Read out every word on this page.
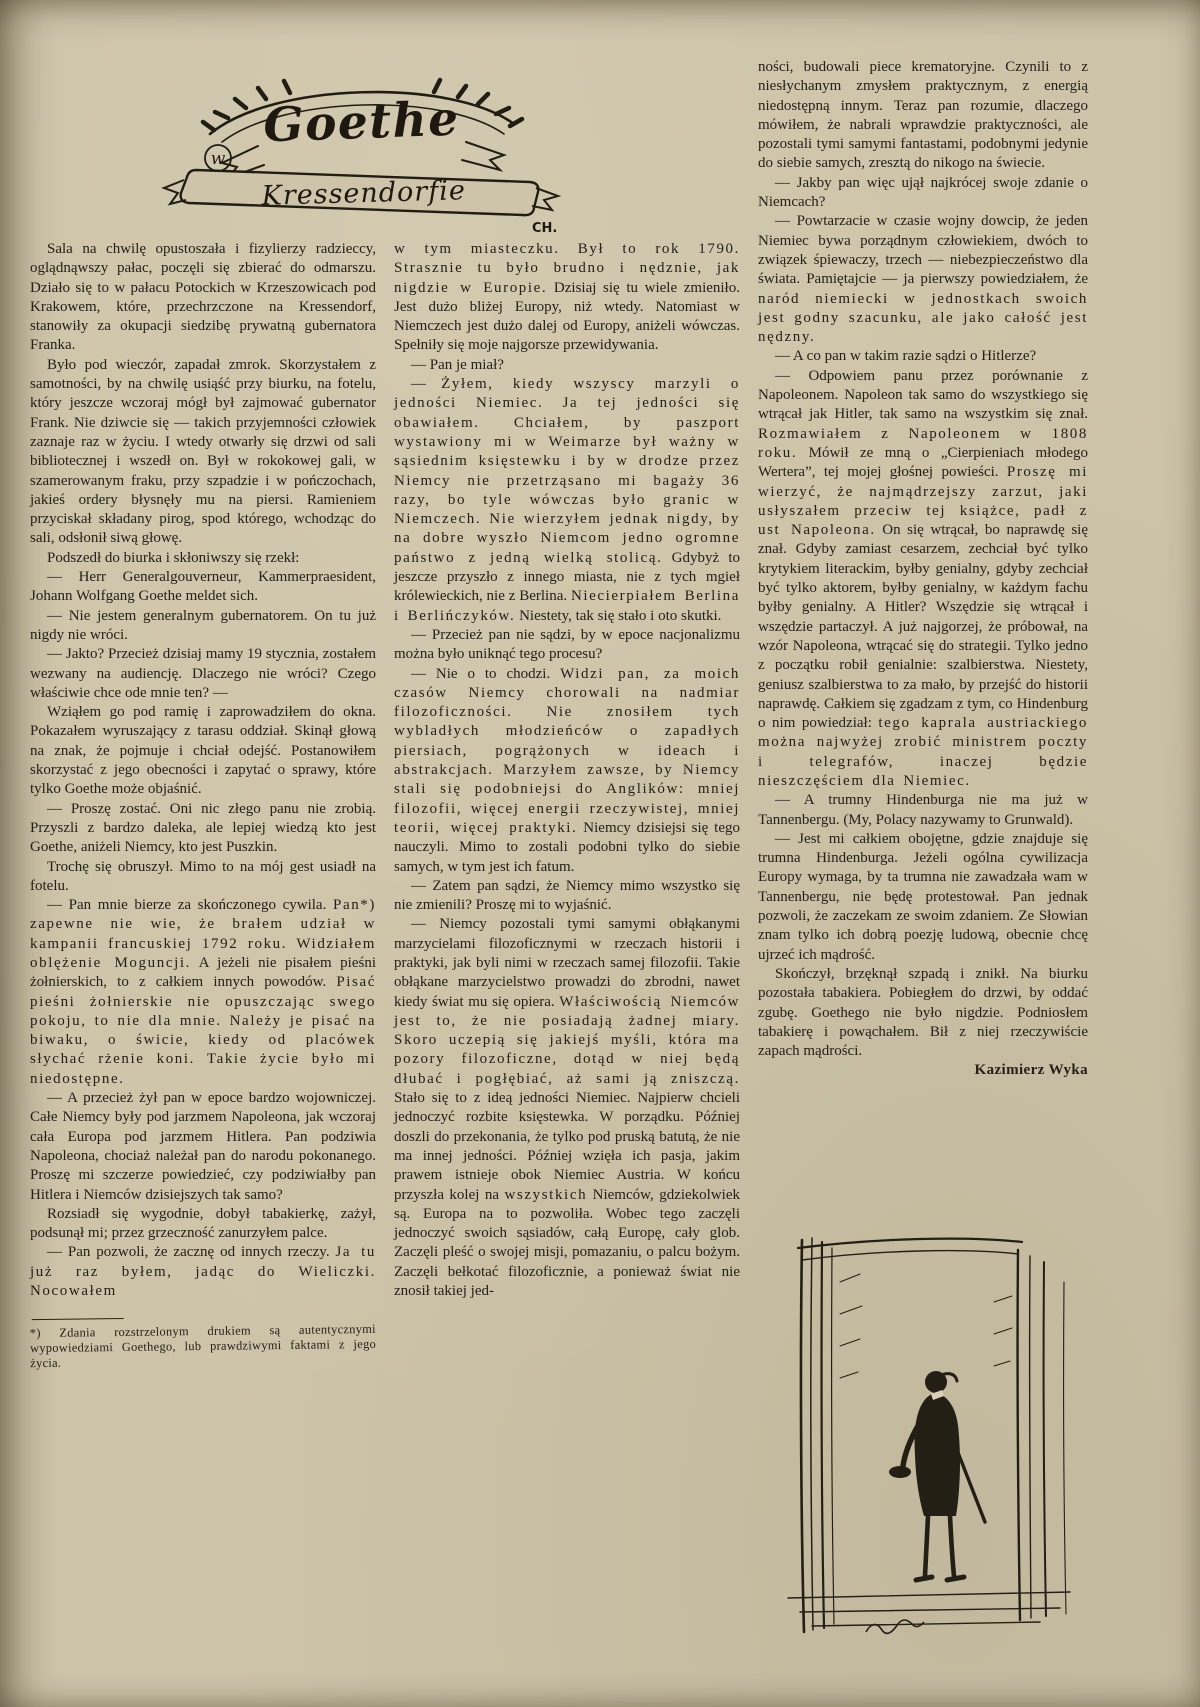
Goethe
w
Kressendorfie
CH.

Sala na chwilę opustoszała i fizylierzy radzieccy, oglądnąwszy pałac, poczęli się zbierać do odmarszu. Działo się to w pałacu Potockich w Krzeszowicach pod Krakowem, które, przechrzczone na Kressendorf, stanowiły za okupacji siedzibę prywatną gubernatora Franka.

Było pod wieczór, zapadał zmrok. Skorzystałem z samotności, by na chwilę usiąść przy biurku, na fotelu, który jeszcze wczoraj mógł był zajmować gubernator Frank. Nie dziwcie się — takich przyjemności człowiek zaznaje raz w życiu. I wtedy otwarły się drzwi od sali bibliotecznej i wszedł on. Był w rokokowej gali, w szamerowanym fraku, przy szpadzie i w pończochach, jakieś ordery błysnęły mu na piersi. Ramieniem przyciskał składany pirog, spod którego, wchodząc do sali, odsłonił siwą głowę.

Podszedł do biurka i skłoniwszy się rzekł:

— Herr Generalgouverneur, Kammerpraesident, Johann Wolfgang Goethe meldet sich.

— Nie jestem generalnym gubernatorem. On tu już nigdy nie wróci.

— Jakto? Przecież dzisiaj mamy 19 stycznia, zostałem wezwany na audiencję. Dlaczego nie wróci? Czego właściwie chce ode mnie ten? —

Wziąłem go pod ramię i zaprowadziłem do okna. Pokazałem wyruszający z tarasu oddział. Skinął głową na znak, że pojmuje i chciał odejść. Postanowiłem skorzystać z jego obecności i zapytać o sprawy, które tylko Goethe może objaśnić.

— Proszę zostać. Oni nic złego panu nie zrobią. Przyszli z bardzo daleka, ale lepiej wiedzą kto jest Goethe, aniżeli Niemcy, kto jest Puszkin.

Trochę się obruszył. Mimo to na mój gest usiadł na fotelu.

— Pan mnie bierze za skończonego cywila. Pan*) zapewne nie wie, że brałem udział w kampanii francuskiej 1792 roku. Widziałem oblężenie Moguncji. A jeżeli nie pisałem pieśni żołnierskich, to z całkiem innych powodów. Pisać pieśni żołnierskie nie opuszczając swego pokoju, to nie dla mnie. Należy je pisać na biwaku, o świcie, kiedy od placówek słychać rżenie koni. Takie życie było mi niedostępne.

— A przecież żył pan w epoce bardzo wojowniczej. Całe Niemcy były pod jarzmem Napoleona, jak wczoraj cała Europa pod jarzmem Hitlera. Pan podziwia Napoleona, chociaż należał pan do narodu pokonanego. Proszę mi szczerze powiedzieć, czy podziwiałby pan Hitlera i Niemców dzisiejszych tak samo?

Rozsiadł się wygodnie, dobył tabakierkę, zażył, podsunął mi; przez grzeczność zanurzyłem palce.

— Pan pozwoli, że zacznę od innych rzeczy. Ja tu już raz byłem, jadąc do Wieliczki. Nocowałem

*) Zdania rozstrzelonym drukiem są autentycznymi wypowiedziami Goethego, lub prawdziwymi faktami z jego życia.

w tym miasteczku. Był to rok 1790. Strasznie tu było brudno i nędznie, jak nigdzie w Europie. Dzisiaj się tu wiele zmieniło. Jest dużo bliżej Europy, niż wtedy. Natomiast w Niemczech jest dużo dalej od Europy, aniżeli wówczas. Spełniły się moje najgorsze przewidywania.

— Pan je miał?

— Żyłem, kiedy wszyscy marzyli o jedności Niemiec. Ja tej jedności się obawiałem. Chciałem, by paszport wystawiony mi w Weimarze był ważny w sąsiednim księstewku i by w drodze przez Niemcy nie przetrząsano mi bagaży 36 razy, bo tyle wówczas było granic w Niemczech. Nie wierzyłem jednak nigdy, by na dobre wyszło Niemcom jedno ogromne państwo z jedną wielką stolicą. Gdybyż to jeszcze przyszło z innego miasta, nie z tych mgieł królewieckich, nie z Berlina. Niecierpiałem Berlina i Berlińczyków. Niestety, tak się stało i oto skutki.

— Przecież pan nie sądzi, by w epoce nacjonalizmu można było uniknąć tego procesu?

— Nie o to chodzi. Widzi pan, za moich czasów Niemcy chorowali na nadmiar filozoficzności. Nie znosiłem tych wybladłych młodzieńców o zapadłych piersiach, pogrążonych w ideach i abstrakcjach. Marzyłem zawsze, by Niemcy stali się podobniejsi do Anglików: mniej filozofii, więcej energii rzeczywistej, mniej teorii, więcej praktyki. Niemcy dzisiejsi się tego nauczyli. Mimo to zostali podobni tylko do siebie samych, w tym jest ich fatum.

— Zatem pan sądzi, że Niemcy mimo wszystko się nie zmienili? Proszę mi to wyjaśnić.

— Niemcy pozostali tymi samymi obłąkanymi marzycielami filozoficznymi w rzeczach historii i praktyki, jak byli nimi w rzeczach samej filozofii. Takie obłąkane marzycielstwo prowadzi do zbrodni, nawet kiedy świat mu się opiera. Właściwością Niemców jest to, że nie posiadają żadnej miary. Skoro uczepią się jakiejś myśli, która ma pozory filozoficzne, dotąd w niej będą dłubać i pogłębiać, aż sami ją zniszczą. Stało się to z ideą jedności Niemiec. Najpierw chcieli jednoczyć rozbite księstewka. W porządku. Później doszli do przekonania, że tylko pod pruską batutą, że nie ma innej jedności. Później wzięła ich pasja, jakim prawem istnieje obok Niemiec Austria. W końcu przyszła kolej na wszystkich Niemców, gdziekolwiek są. Europa na to pozwoliła. Wobec tego zaczęli jednoczyć swoich sąsiadów, całą Europę, cały glob. Zaczęli pleść o swojej misji, pomazaniu, o palcu bożym. Zaczęli bełkotać filozoficznie, a ponieważ świat nie znosił takiej jed-

ności, budowali piece krematoryjne. Czynili to z niesłychanym zmysłem praktycznym, z energią niedostępną innym. Teraz pan rozumie, dlaczego mówiłem, że nabrali wprawdzie praktyczności, ale pozostali tymi samymi fantastami, podobnymi jedynie do siebie samych, zresztą do nikogo na świecie.

— Jakby pan więc ujął najkrócej swoje zdanie o Niemcach?

— Powtarzacie w czasie wojny dowcip, że jeden Niemiec bywa porządnym człowiekiem, dwóch to związek śpiewaczy, trzech — niebezpieczeństwo dla świata. Pamiętajcie — ja pierwszy powiedziałem, że naród niemiecki w jednostkach swoich jest godny szacunku, ale jako całość jest nędzny.

— A co pan w takim razie sądzi o Hitlerze?

— Odpowiem panu przez porównanie z Napoleonem. Napoleon tak samo do wszystkiego się wtrącał jak Hitler, tak samo na wszystkim się znał. Rozmawiałem z Napoleonem w 1808 roku. Mówił ze mną o „Cierpieniach młodego Wertera”, tej mojej głośnej powieści. Proszę mi wierzyć, że najmądrzejszy zarzut, jaki usłyszałem przeciw tej książce, padł z ust Napoleona. On się wtrącał, bo naprawdę się znał. Gdyby zamiast cesarzem, zechciał być tylko krytykiem literackim, byłby genialny, gdyby zechciał być tylko aktorem, byłby genialny, w każdym fachu byłby genialny. A Hitler? Wszędzie się wtrącał i wszędzie partaczył. A już najgorzej, że próbował, na wzór Napoleona, wtrącać się do strategii. Tylko jedno z początku robił genialnie: szalbierstwa. Niestety, geniusz szalbierstwa to za mało, by przejść do historii naprawdę. Całkiem się zgadzam z tym, co Hindenburg o nim powiedział: tego kaprala austriackiego można najwyżej zrobić ministrem poczty i telegrafów, inaczej będzie nieszczęściem dla Niemiec.

— A trumny Hindenburga nie ma już w Tannenbergu. (My, Polacy nazywamy to Grunwald).

— Jest mi całkiem obojętne, gdzie znajduje się trumna Hindenburga. Jeżeli ogólna cywilizacja Europy wymaga, by ta trumna nie zawadzała wam w Tannenbergu, nie będę protestował. Pan jednak pozwoli, że zaczekam ze swoim zdaniem. Ze Słowian znam tylko ich dobrą poezję ludową, obecnie chcę ujrzeć ich mądrość.

Skończył, brzęknął szpadą i znikł. Na biurku pozostała tabakiera. Pobiegłem do drzwi, by oddać zgubę. Goethego nie było nigdzie. Podniosłem tabakierę i powąchałem. Bił z niej rzeczywiście zapach mądrości.

Kazimierz Wyka
